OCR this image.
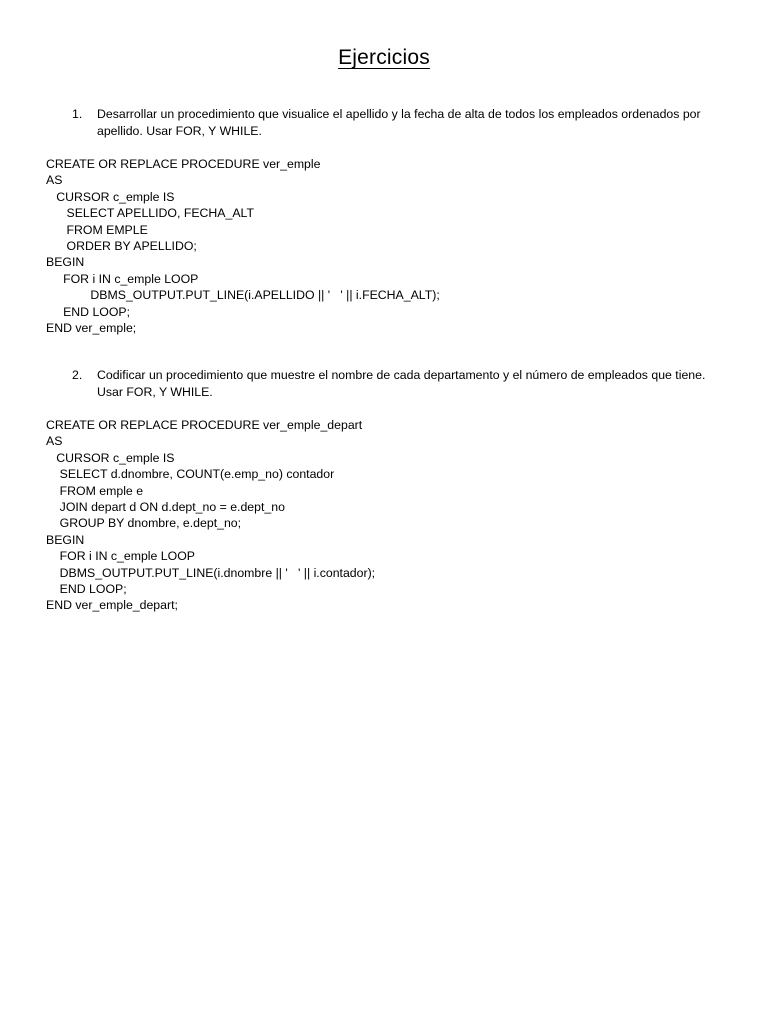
Ejercicios
1.	Desarrollar un procedimiento que visualice el apellido y la fecha de alta de todos los empleados ordenados por apellido. Usar FOR, Y WHILE.
CREATE OR REPLACE PROCEDURE ver_emple
AS
CURSOR c_emple IS
SELECT APELLIDO, FECHA_ALT
FROM EMPLE
ORDER BY APELLIDO;
BEGIN
FOR i IN c_emple LOOP
DBMS_OUTPUT.PUT_LINE(i.APELLIDO || '   ' || i.FECHA_ALT);
END LOOP;
END ver_emple;
2.	Codificar un procedimiento que muestre el nombre de cada departamento y el número de empleados que tiene. Usar FOR, Y WHILE.
CREATE OR REPLACE PROCEDURE ver_emple_depart
AS
CURSOR c_emple IS
SELECT d.dnombre, COUNT(e.emp_no) contador
FROM emple e
JOIN depart d ON d.dept_no = e.dept_no
GROUP BY dnombre, e.dept_no;
BEGIN
FOR i IN c_emple LOOP
DBMS_OUTPUT.PUT_LINE(i.dnombre || '   ' || i.contador);
END LOOP;
END ver_emple_depart;
